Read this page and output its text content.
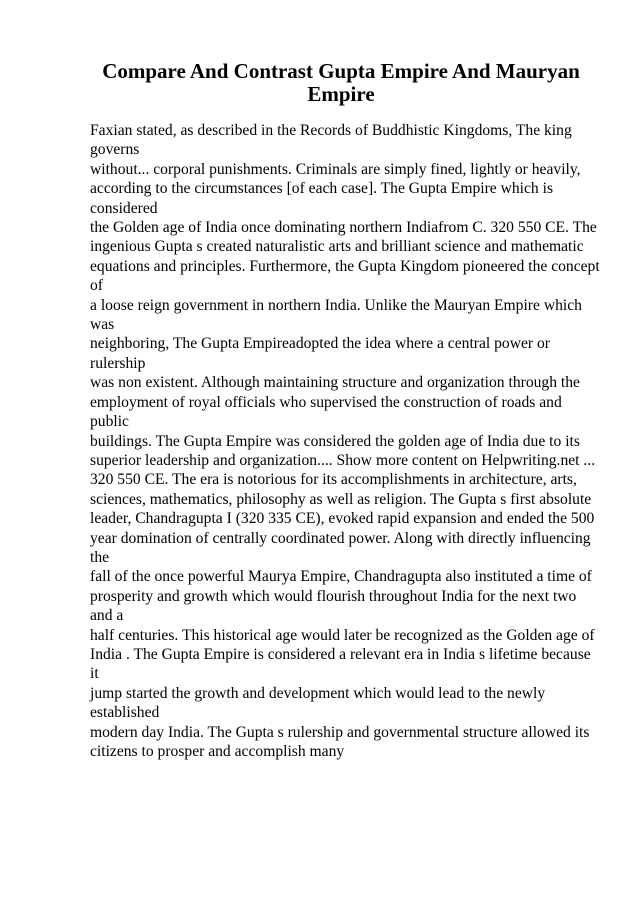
Compare And Contrast Gupta Empire And Mauryan
Empire

Faxian stated, as described in the Records of Buddhistic Kingdoms, The king governs
without... corporal punishments. Criminals are simply fined, lightly or heavily,
according to the circumstances [of each case]. The Gupta Empire which is considered
the Golden age of India once dominating northern Indiafrom C. 320 550 CE. The
ingenious Gupta s created naturalistic arts and brilliant science and mathematic
equations and principles. Furthermore, the Gupta Kingdom pioneered the concept of
a loose reign government in northern India. Unlike the Mauryan Empire which was
neighboring, The Gupta Empireadopted the idea where a central power or rulership
was non existent. Although maintaining structure and organization through the
employment of royal officials who supervised the construction of roads and public
buildings. The Gupta Empire was considered the golden age of India due to its
superior leadership and organization.... Show more content on Helpwriting.net ...
320 550 CE. The era is notorious for its accomplishments in architecture, arts,
sciences, mathematics, philosophy as well as religion. The Gupta s first absolute
leader, Chandragupta I (320 335 CE), evoked rapid expansion and ended the 500
year domination of centrally coordinated power. Along with directly influencing the
fall of the once powerful Maurya Empire, Chandragupta also instituted a time of
prosperity and growth which would flourish throughout India for the next two and a
half centuries. This historical age would later be recognized as the Golden age of
India . The Gupta Empire is considered a relevant era in India s lifetime because it
jump started the growth and development which would lead to the newly established
modern day India. The Gupta s rulership and governmental structure allowed its
citizens to prosper and accomplish many
